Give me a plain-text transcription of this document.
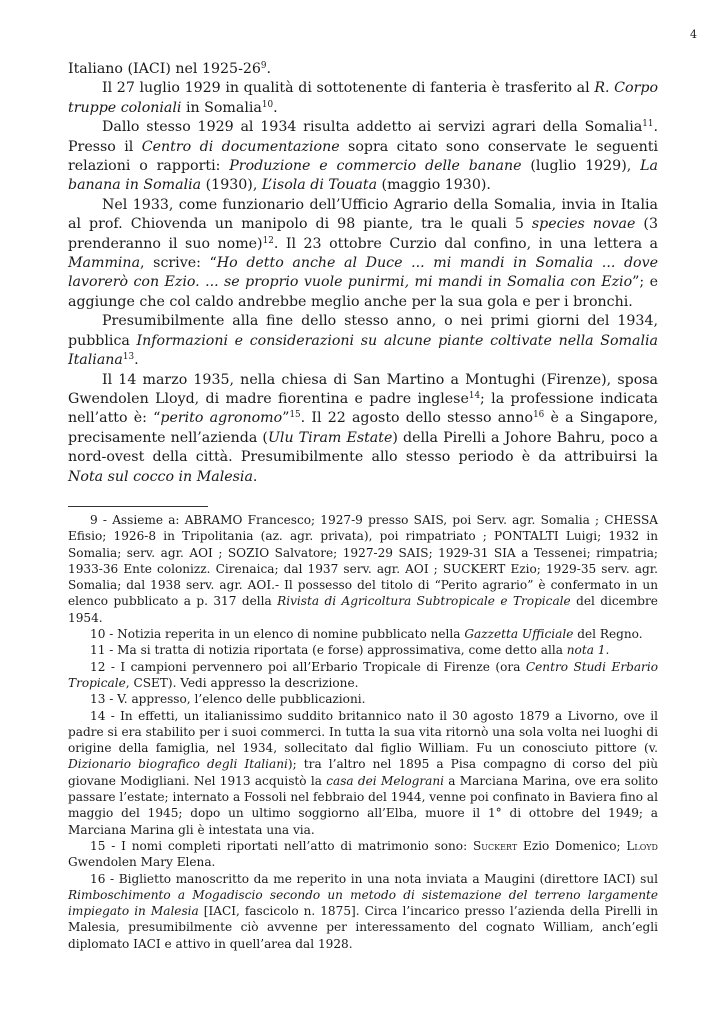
4

Italiano (IACI) nel $1925-26^9$.

Il 27 luglio 1929 in qualità di sottotenente di fanteria è trasferito al R. Corpo truppe coloniali in Somalia$^{10}$.

Dallo stesso 1929 al 1934 risulta addetto ai servizi agrari della Somalia$^{11}$. Presso il Centro di documentazione sopra citato sono conservate le seguenti relazioni o rapporti: Produzione e commercio delle banane (luglio 1929), La banana in Somalia (1930), L’isola di Touata (maggio 1930).

Nel 1933, come funzionario dell’Ufficio Agrario della Somalia, invia in Italia al prof. Chiovenda un manipolo di 98 piante, tra le quali 5 species novae (3 prenderanno il suo nome)$^{12}$. Il 23 ottobre Curzio dal confino, in una lettera a Mammina, scrive: “Ho detto anche al Duce ... mi mandi in Somalia ... dove lavorerò con Ezio. ... se proprio vuole punirmi, mi mandi in Somalia con Ezio”; e aggiunge che col caldo andrebbe meglio anche per la sua gola e per i bronchi.

Presumibilmente alla fine dello stesso anno, o nei primi giorni del 1934, pubblica Informazioni e considerazioni su alcune piante coltivate nella Somalia Italiana$^{13}$.

Il 14 marzo 1935, nella chiesa di San Martino a Montughi (Firenze), sposa Gwendolen Lloyd, di madre fiorentina e padre inglese$^{14}$; la professione indicata nell’atto è: “perito agronomo”$^{15}$. Il 22 agosto dello stesso anno$^{16}$ è a Singapore, precisamente nell’azienda (Ulu Tiram Estate) della Pirelli a Johore Bahru, poco a nord-ovest della città. Presumibilmente allo stesso periodo è da attribuirsi la Nota sul cocco in Malesia.

9 - Assieme a: ABRAMO Francesco; 1927-9 presso SAIS, poi Serv. agr. Somalia ; CHESSA Efisio; 1926-8 in Tripolitania (az. agr. privata), poi rimpatriato ; PONTALTI Luigi; 1932 in Somalia; serv. agr. AOI ; SOZIO Salvatore; 1927-29 SAIS; 1929-31 SIA a Tessenei; rimpatria; 1933-36 Ente colonizz. Cirenaica; dal 1937 serv. agr. AOI ; SUCKERT Ezio; 1929-35 serv. agr. Somalia; dal 1938 serv. agr. AOI.- Il possesso del titolo di “Perito agrario” è confermato in un elenco pubblicato a p. 317 della Rivista di Agricoltura Subtropicale e Tropicale del dicembre 1954.

10 - Notizia reperita in un elenco di nomine pubblicato nella Gazzetta Ufficiale del Regno.

11 - Ma si tratta di notizia riportata (e forse) approssimativa, come detto alla nota 1.

12 - I campioni pervennero poi all’Erbario Tropicale di Firenze (ora Centro Studi Erbario Tropicale, CSET). Vedi appresso la descrizione.

13 - V. appresso, l’elenco delle pubblicazioni.

14 - In effetti, un italianissimo suddito britannico nato il 30 agosto 1879 a Livorno, ove il padre si era stabilito per i suoi commerci. In tutta la sua vita ritornò una sola volta nei luoghi di origine della famiglia, nel 1934, sollecitato dal figlio William. Fu un conosciuto pittore (v. Dizionario biografico degli Italiani); tra l’altro nel 1895 a Pisa compagno di corso del più giovane Modigliani. Nel 1913 acquistò la casa dei Melograni a Marciana Marina, ove era solito passare l’estate; internato a Fossoli nel febbraio del 1944, venne poi confinato in Baviera fino al maggio del 1945; dopo un ultimo soggiorno all’Elba, muore il 1° di ottobre del 1949; a Marciana Marina gli è intestata una via.

15 - I nomi completi riportati nell’atto di matrimonio sono: Suckert Ezio Domenico; Lloyd Gwendolen Mary Elena.

16 - Biglietto manoscritto da me reperito in una nota inviata a Maugini (direttore IACI) sul Rimboschimento a Mogadiscio secondo un metodo di sistemazione del terreno largamente impiegato in Malesia [IACI, fascicolo n. 1875]. Circa l’incarico presso l’azienda della Pirelli in Malesia, presumibilmente ciò avvenne per interessamento del cognato William, anch’egli diplomato IACI e attivo in quell’area dal 1928.
